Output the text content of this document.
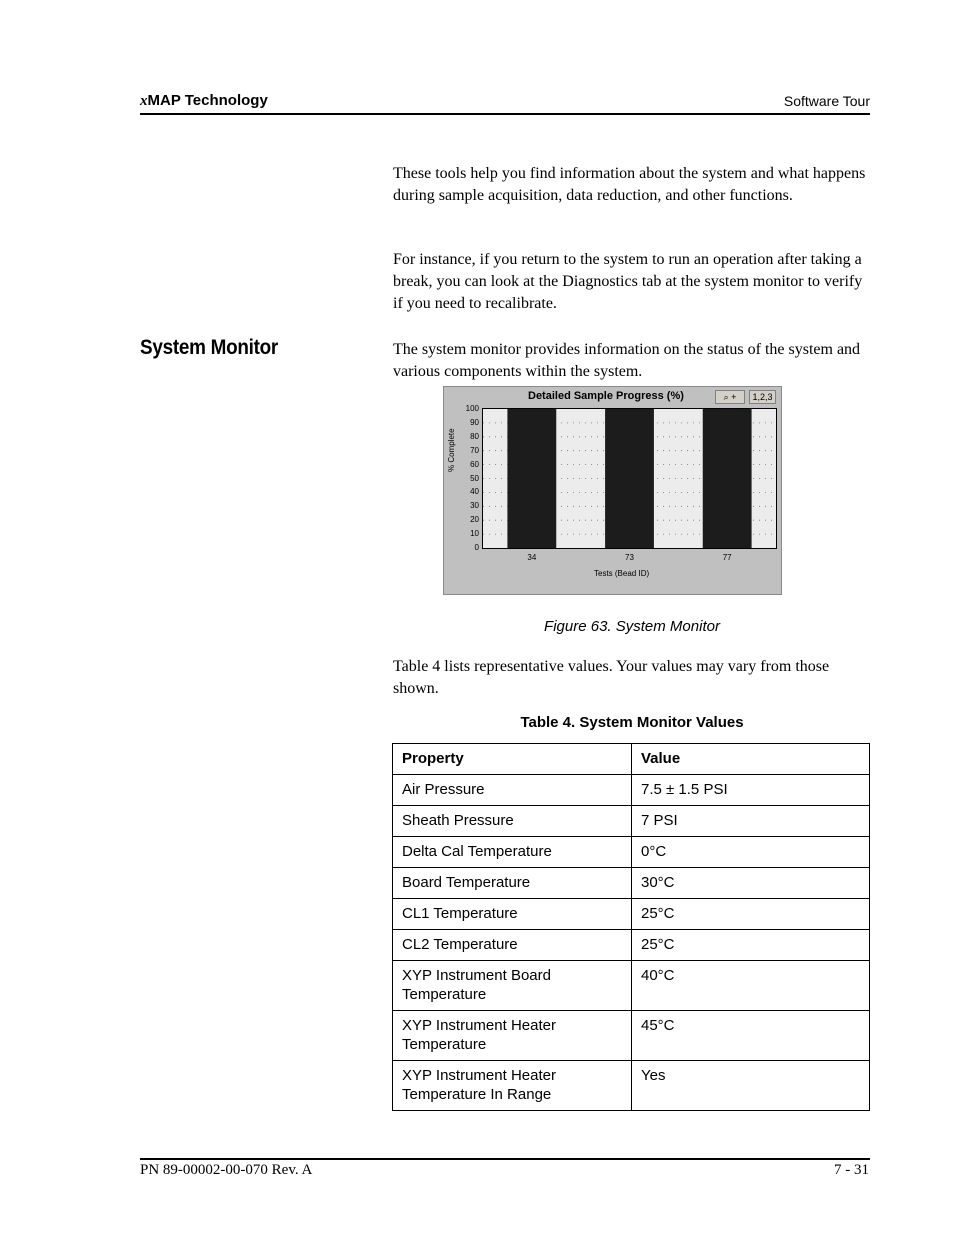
xMAP Technology	Software Tour
These tools help you find information about the system and what happens during sample acquisition, data reduction, and other functions.
For instance, if you return to the system to run an operation after taking a break, you can look at the Diagnostics tab at the system monitor to verify if you need to recalibrate.
System Monitor	The system monitor provides information on the status of the system and various components within the system.
Detailed Sample Progress (%)	⌕ +	1,2,3
0
10
20
30
40
50
60
70
80
90
100
34	73	77
% Complete
Tests (Bead ID)
Figure 63. System Monitor
Table 4 lists representative values. Your values may vary from those shown.
Table 4. System Monitor Values
Property	Value
Air Pressure	7.5 ± 1.5 PSI
Sheath Pressure	7 PSI
Delta Cal Temperature	0°C
Board Temperature	30°C
CL1 Temperature	25°C
CL2 Temperature	25°C
XYP Instrument Board Temperature	40°C
XYP Instrument Heater Temperature	45°C
XYP Instrument Heater Temperature In Range	Yes
PN 89-00002-00-070 Rev. A	7 - 31
